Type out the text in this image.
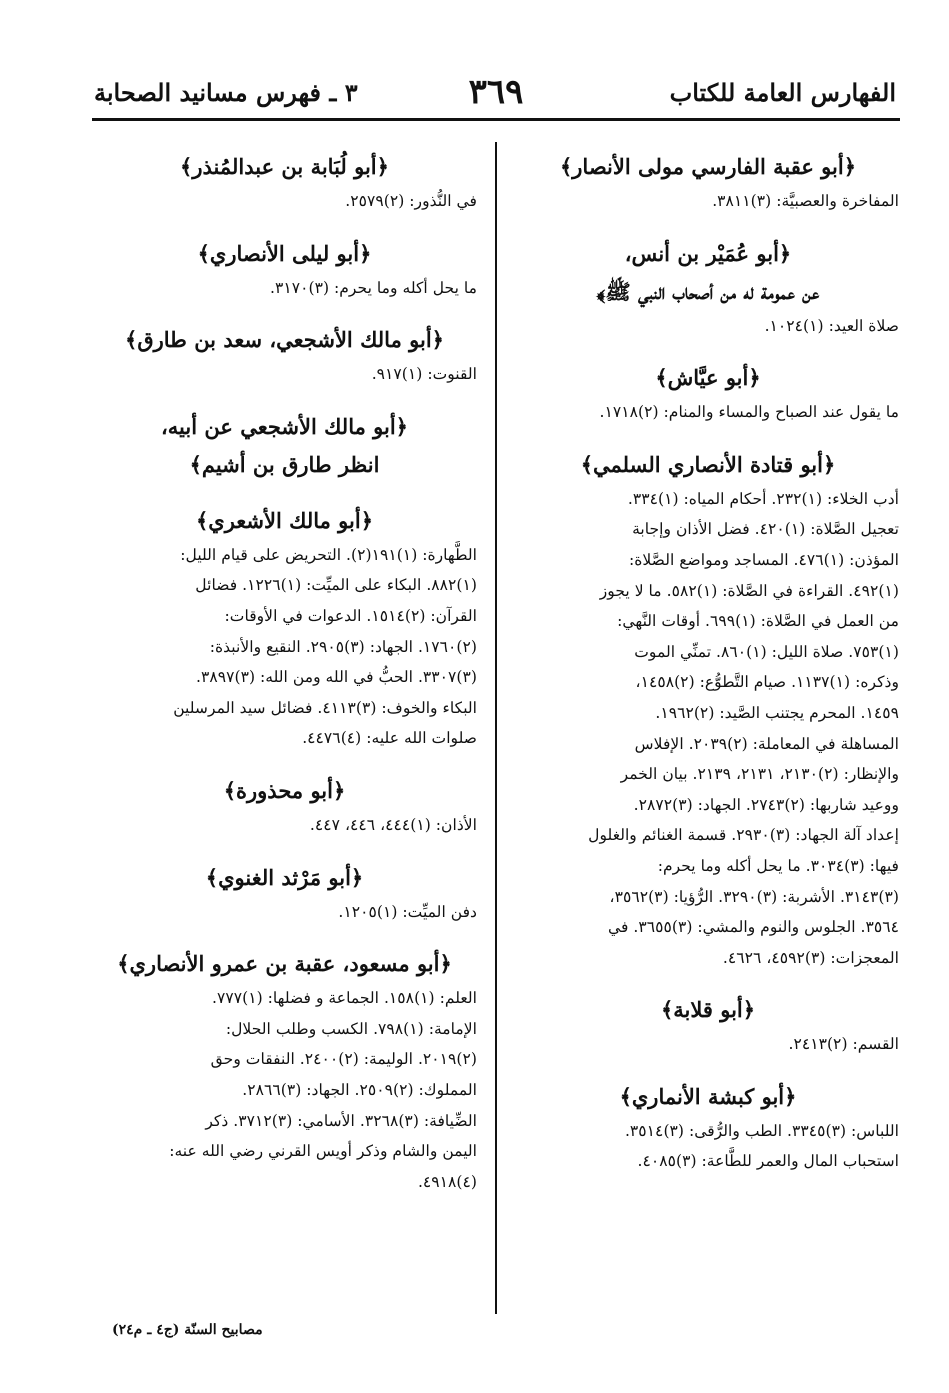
الفهارس العامة للكتاب
٣٦٩
٣ ـ فهرس مسانيد الصحابة
﴿أبو عقبة الفارسي مولى الأنصار﴾
المفاخرة والعصبيَّة: (٣)٣٨١١.
﴿أبو عُمَيْر بن أنس،
عن عمومة له من أصحاب النبي ﷺ﴾
صلاة العيد: (١)١٠٢٤.
﴿أبو عيَّاش﴾
ما يقول عند الصباح والمساء والمنام: (٢)١٧١٨.
﴿أبو قتادة الأنصاري السلمي﴾
أدب الخلاء: (١)٢٣٢. أحكام المياه: (١)٣٣٤.
تعجيل الصَّلاة: (١)٤٢٠. فضل الأذان وإجابة
المؤذن: (١)٤٧٦. المساجد ومواضع الصَّلاة:
(١)٤٩٢. القراءة في الصَّلاة: (١)٥٨٢. ما لا يجوز
من العمل في الصَّلاة: (١)٦٩٩. أوقات النَّهي:
(١)٧٥٣. صلاة الليل: (١)٨٦٠. تمنِّي الموت
وذكره: (١)١١٣٧. صيام التَّطوُّع: (٢)١٤٥٨،
١٤٥٩. المحرم يجتنب الصَّيد: (٢)١٩٦٢.
المساهلة في المعاملة: (٢)٢٠٣٩. الإفلاس
والإنظار: (٢)٢١٣٠، ٢١٣١، ٢١٣٩. بيان الخمر
ووعيد شاربها: (٢)٢٧٤٣. الجهاد: (٣)٢٨٧٢.
إعداد آلة الجهاد: (٣)٢٩٣٠. قسمة الغنائم والغلول
فيها: (٣)٣٠٣٤. ما يحل أكله وما يحرم:
(٣)٣١٤٣. الأشربة: (٣)٣٢٩٠. الرُّؤيا: (٣)٣٥٦٢،
٣٥٦٤. الجلوس والنوم والمشي: (٣)٣٦٥٥. في
المعجزات: (٣)٤٥٩٢، ٤٦٢٦.
﴿أبو قلابة﴾
القسم: (٢)٢٤١٣.
﴿أبو كبشة الأنماري﴾
اللباس: (٣)٣٣٤٥. الطب والرُّقى: (٣)٣٥١٤.
استحباب المال والعمر للطَّاعة: (٣)٤٠٨٥.
﴿أبو لُبَابة بن عبدالمُنذر﴾
في النُّذور: (٢)٢٥٧٩.
﴿أبو ليلى الأنصاري﴾
ما يحل أكله وما يحرم: (٣)٣١٧٠.
﴿أبو مالك الأشجعي، سعد بن طارق﴾
القنوت: (١)٩١٧.
﴿أبو مالك الأشجعي عن أبيه،
انظر طارق بن أشيم﴾
﴿أبو مالك الأشعري﴾
الطَّهارة: (١)١٩١(٢). التحريض على قيام الليل:
(١)٨٨٢. البكاء على الميِّت: (١)١٢٢٦. فضائل
القرآن: (٢)١٥١٤. الدعوات في الأوقات:
(٢)١٧٦٠. الجهاد: (٣)٢٩٠٥. النقيع والأنبذة:
(٣)٣٣٠٧. الحبُّ في الله ومن الله: (٣)٣٨٩٧.
البكاء والخوف: (٣)٤١١٣. فضائل سيد المرسلين
صلوات الله عليه: (٤)٤٤٧٦.
﴿أبو محذورة﴾
الأذان: (١)٤٤٤، ٤٤٦، ٤٤٧.
﴿أبو مَرْثد الغنوي﴾
دفن الميِّت: (١)١٢٠٥.
﴿أبو مسعود، عقبة بن عمرو الأنصاري﴾
العلم: (١)١٥٨. الجماعة و فضلها: (١)٧٧٧.
الإمامة: (١)٧٩٨. الكسب وطلب الحلال:
(٢)٢٠١٩. الوليمة: (٢)٢٤٠٠. النفقات وحق
المملوك: (٢)٢٥٠٩. الجهاد: (٣)٢٨٦٦.
الضِّيافة: (٣)٣٢٦٨. الأسامي: (٣)٣٧١٢. ذكر
اليمن والشام وذكر أويس القرني رضي الله عنه:
(٤)٤٩١٨.
مصابيح السنّة (ج٤ ـ م٢٤)
